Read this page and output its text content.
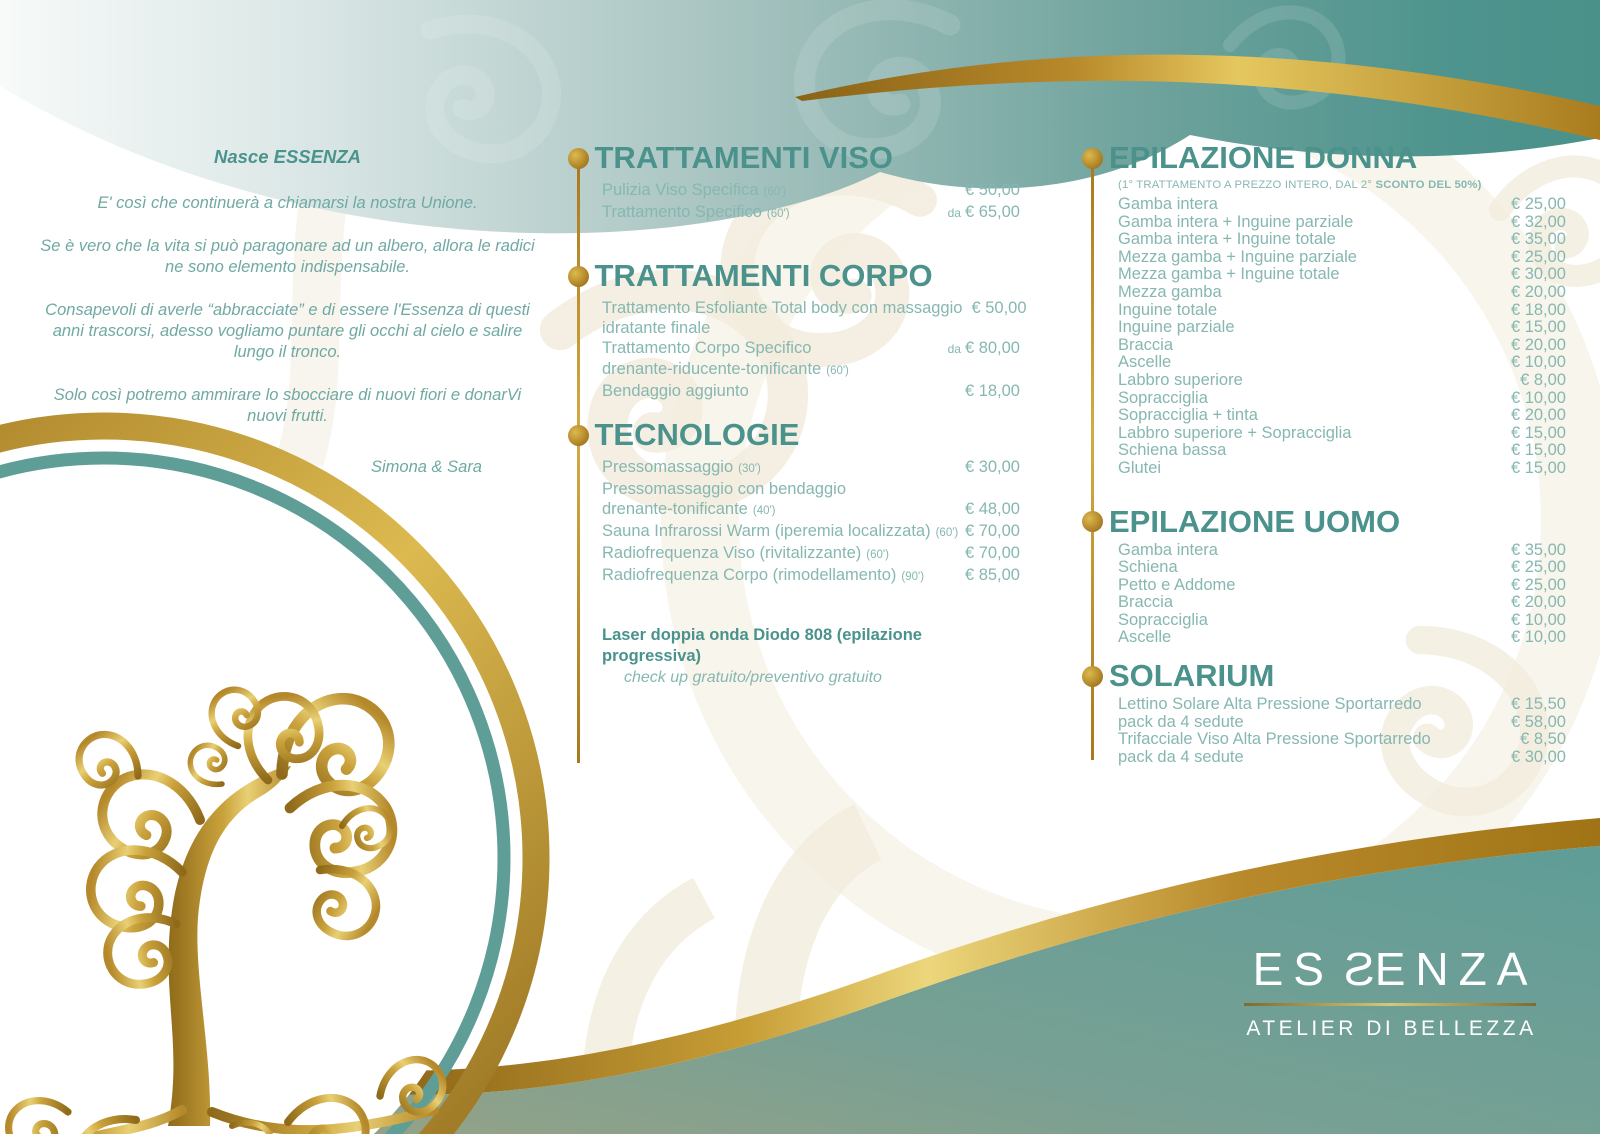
Nasce ESSENZA

E' così che continuerà a chiamarsi la nostra Unione.

Se è vero che la vita si può paragonare ad un albero, allora le radici ne sono elemento indispensabile.

Consapevoli di averle “abbracciate” e di essere l'Essenza di questi anni trascorsi, adesso vogliamo puntare gli occhi al cielo e salire lungo il tronco.

Solo così potremo ammirare lo sbocciare di nuovi fiori e donarVi nuovi frutti.

Simona & Sara
TRATTAMENTI VISO
Pulizia Viso Specifica (60')	€ 50,00
Trattamento Specifico (60')	da € 65,00
TRATTAMENTI CORPO
Trattamento Esfoliante Total body con massaggio € 50,00
idratante finale
Trattamento Corpo Specifico	da € 80,00
drenante-riducente-tonificante (60')
Bendaggio aggiunto	€ 18,00
TECNOLOGIE
Pressomassaggio (30')	€ 30,00
Pressomassaggio con bendaggio
drenante-tonificante (40')	€ 48,00
Sauna Infrarossi Warm (iperemia localizzata) (60') € 70,00
Radiofrequenza Viso (rivitalizzante) (60')	€ 70,00
Radiofrequenza Corpo (rimodellamento) (90') € 85,00
Laser doppia onda Diodo 808 (epilazione progressiva)
check up gratuito/preventivo gratuito
EPILAZIONE DONNA
(1° TRATTAMENTO A PREZZO INTERO, DAL 2° SCONTO DEL 50%)
Gamba intera	€ 25,00
Gamba intera + Inguine parziale	€ 32,00
Gamba intera + Inguine totale	€ 35,00
Mezza gamba + Inguine parziale	€ 25,00
Mezza gamba + Inguine totale	€ 30,00
Mezza gamba	€ 20,00
Inguine totale	€ 18,00
Inguine parziale	€ 15,00
Braccia	€ 20,00
Ascelle	€ 10,00
Labbro superiore	€ 8,00
Sopracciglia	€ 10,00
Sopracciglia + tinta	€ 20,00
Labbro superiore + Sopracciglia	€ 15,00
Schiena bassa	€ 15,00
Glutei	€ 15,00
EPILAZIONE UOMO
Gamba intera	€ 35,00
Schiena	€ 25,00
Petto e Addome	€ 25,00
Braccia	€ 20,00
Sopracciglia	€ 10,00
Ascelle	€ 10,00
SOLARIUM
Lettino Solare Alta Pressione Sportarredo	€ 15,50
pack da 4 sedute	€ 58,00
Trifacciale Viso Alta Pressione Sportarredo	€ 8,50
pack da 4 sedute	€ 30,00
ESSENZA
ATELIER DI BELLEZZA
